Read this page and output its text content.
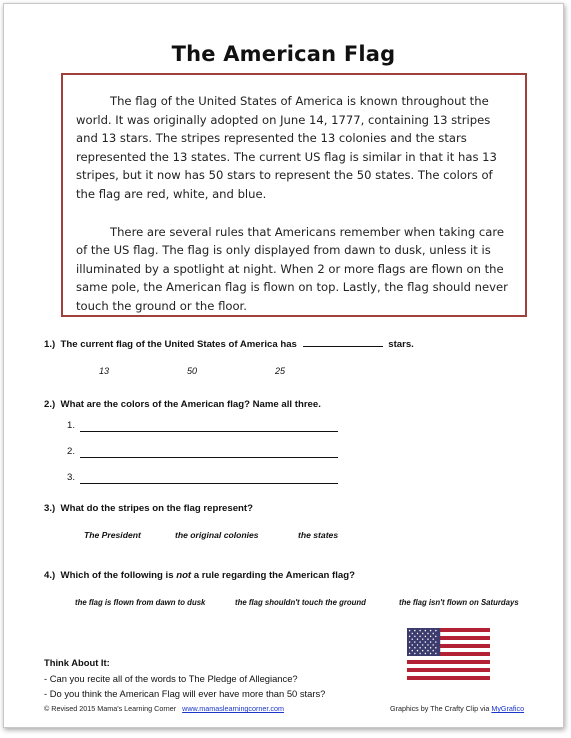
The American Flag

The flag of the United States of America is known throughout the world. It was originally adopted on June 14, 1777, containing 13 stripes and 13 stars. The stripes represented the 13 colonies and the stars represented the 13 states. The current US flag is similar in that it has 13 stripes, but it now has 50 stars to represent the 50 states. The colors of the flag are red, white, and blue.

There are several rules that Americans remember when taking care of the US flag. The flag is only displayed from dawn to dusk, unless it is illuminated by a spotlight at night. When 2 or more flags are flown on the same pole, the American flag is flown on top. Lastly, the flag should never touch the ground or the floor.

1.) The current flag of the United States of America has	stars.
13	50	25
2.) What are the colors of the American flag? Name all three.
1.
2.
3.
3.) What do the stripes on the flag represent?
The President	the original colonies	the states
4.) Which of the following is not a rule regarding the American flag?
the flag is flown from dawn to dusk	the flag shouldn't touch the ground	the flag isn't flown on Saturdays
Think About It:
- Can you recite all of the words to The Pledge of Allegiance?
- Do you think the American Flag will ever have more than 50 stars?
© Revised 2015 Mama's Learning Corner www.mamaslearningcorner.com	Graphics by The Crafty Clip via MyGrafico
